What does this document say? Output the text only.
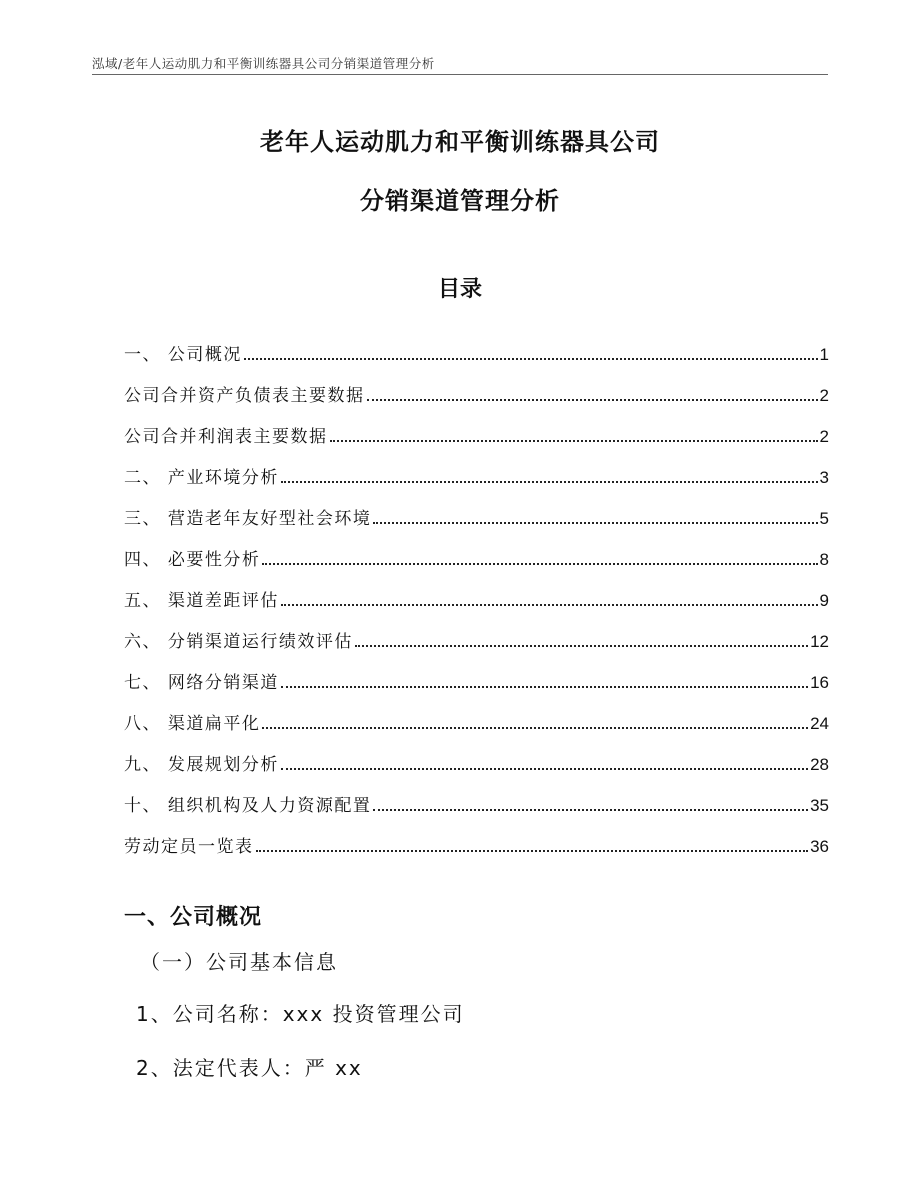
泓域/老年人运动肌力和平衡训练器具公司分销渠道管理分析
老年人运动肌力和平衡训练器具公司
分销渠道管理分析
目录
一、 公司概况	1
公司合并资产负债表主要数据	2
公司合并利润表主要数据	2
二、 产业环境分析	3
三、 营造老年友好型社会环境	5
四、 必要性分析	8
五、 渠道差距评估	9
六、 分销渠道运行绩效评估	12
七、 网络分销渠道	16
八、 渠道扁平化	24
九、 发展规划分析	28
十、 组织机构及人力资源配置	35
劳动定员一览表	36
一、公司概况
（一）公司基本信息
1、公司名称：xxx 投资管理公司
2、法定代表人：严 xx
